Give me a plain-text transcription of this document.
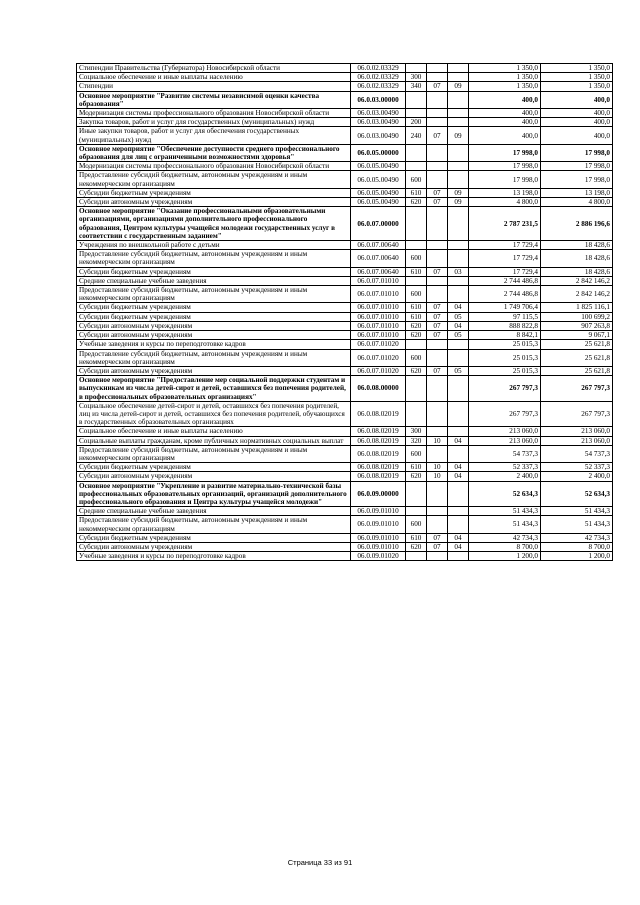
Стипендии Правительства (Губернатора) Новосибирской области	06.0.02.03329				1 350,0	1 350,0
Социальное обеспечение и иные выплаты населению	06.0.02.03329	300			1 350,0	1 350,0
Стипендии	06.0.02.03329	340	07	09	1 350,0	1 350,0
Основное мероприятие "Развитие системы независимой оценки качества образования"	06.0.03.00000				400,0	400,0
Модернизация системы профессионального образования Новосибирской области	06.0.03.00490				400,0	400,0
Закупка товаров, работ и услуг для государственных (муниципальных) нужд	06.0.03.00490	200			400,0	400,0
Иные закупки товаров, работ и услуг для обеспечения государственных (муниципальных) нужд	06.0.03.00490	240	07	09	400,0	400,0
Основное мероприятие "Обеспечение доступности среднего профессионального образования для лиц с ограниченными возможностями здоровья"	06.0.05.00000				17 998,0	17 998,0
Модернизация системы профессионального образования Новосибирской области	06.0.05.00490				17 998,0	17 998,0
Предоставление субсидий бюджетным, автономным учреждениям и иным некоммерческим организациям	06.0.05.00490	600			17 998,0	17 998,0
Субсидии бюджетным учреждениям	06.0.05.00490	610	07	09	13 198,0	13 198,0
Субсидии автономным учреждениям	06.0.05.00490	620	07	09	4 800,0	4 800,0
Основное мероприятие "Оказание профессиональными образовательными организациями, организациями дополнительного профессионального образования, Центром культуры учащейся молодежи государственных услуг в соответствии с государственным заданием"	06.0.07.00000				2 787 231,5	2 886 196,6
Учреждения по внешкольной работе с детьми	06.0.07.00640				17 729,4	18 428,6
Предоставление субсидий бюджетным, автономным учреждениям и иным некоммерческим организациям	06.0.07.00640	600			17 729,4	18 428,6
Субсидии бюджетным учреждениям	06.0.07.00640	610	07	03	17 729,4	18 428,6
Средние специальные учебные заведения	06.0.07.01010				2 744 486,8	2 842 146,2
Предоставление субсидий бюджетным, автономным учреждениям и иным некоммерческим организациям	06.0.07.01010	600			2 744 486,8	2 842 146,2
Субсидии бюджетным учреждениям	06.0.07.01010	610	07	04	1 749 706,4	1 825 116,1
Субсидии бюджетным учреждениям	06.0.07.01010	610	07	05	97 115,5	100 699,2
Субсидии автономным учреждениям	06.0.07.01010	620	07	04	888 822,8	907 263,8
Субсидии автономным учреждениям	06.0.07.01010	620	07	05	8 842,1	9 067,1
Учебные заведения и курсы по переподготовке кадров	06.0.07.01020				25 015,3	25 621,8
Предоставление субсидий бюджетным, автономным учреждениям и иным некоммерческим организациям	06.0.07.01020	600			25 015,3	25 621,8
Субсидии автономным учреждениям	06.0.07.01020	620	07	05	25 015,3	25 621,8
Основное мероприятие "Предоставление мер социальной поддержки студентам и выпускникам из числа детей-сирот и детей, оставшихся без попечения родителей, в профессиональных образовательных организациях"	06.0.08.00000				267 797,3	267 797,3
Социальное обеспечение детей-сирот и детей, оставшихся без попечения родителей, лиц из числа детей-сирот и детей, оставшихся без попечения родителей, обучающихся в государственных образовательных организациях	06.0.08.02019				267 797,3	267 797,3
Социальное обеспечение и иные выплаты населению	06.0.08.02019	300			213 060,0	213 060,0
Социальные выплаты гражданам, кроме публичных нормативных социальных выплат	06.0.08.02019	320	10	04	213 060,0	213 060,0
Предоставление субсидий бюджетным, автономным учреждениям и иным некоммерческим организациям	06.0.08.02019	600			54 737,3	54 737,3
Субсидии бюджетным учреждениям	06.0.08.02019	610	10	04	52 337,3	52 337,3
Субсидии автономным учреждениям	06.0.08.02019	620	10	04	2 400,0	2 400,0
Основное мероприятие "Укрепление и развитие материально-технической базы профессиональных образовательных организаций, организаций дополнительного профессионального образования и Центра культуры учащейся молодежи"	06.0.09.00000				52 634,3	52 634,3
Средние специальные учебные заведения	06.0.09.01010				51 434,3	51 434,3
Предоставление субсидий бюджетным, автономным учреждениям и иным некоммерческим организациям	06.0.09.01010	600			51 434,3	51 434,3
Субсидии бюджетным учреждениям	06.0.09.01010	610	07	04	42 734,3	42 734,3
Субсидии автономным учреждениям	06.0.09.01010	620	07	04	8 700,0	8 700,0
Учебные заведения и курсы по переподготовке кадров	06.0.09.01020				1 200,0	1 200,0
Страница 33 из 91
